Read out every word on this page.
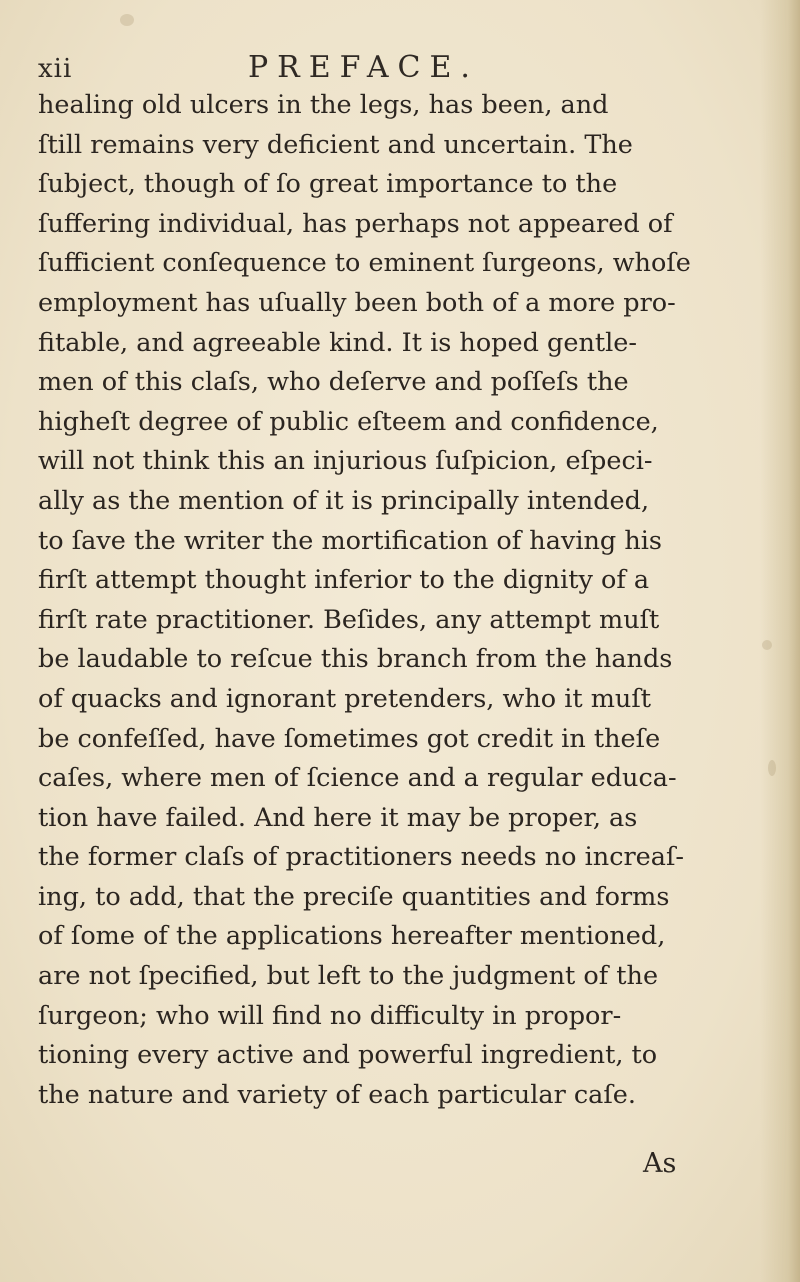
xii	PREFACE.
healing old ulcers in the legs, has been, and
ſtill remains very deficient and uncertain. The
ſubject, though of ſo great importance to the
ſuffering individual, has perhaps not appeared of
ſufficient conſequence to eminent ſurgeons, whoſe
employment has uſually been both of a more pro-
fitable, and agreeable kind. It is hoped gentle-
men of this claſs, who deſerve and poſſeſs the
higheſt degree of public eſteem and confidence,
will not think this an injurious ſuſpicion, eſpeci-
ally as the mention of it is principally intended,
to ſave the writer the mortification of having his
firſt attempt thought inferior to the dignity of a
firſt rate practitioner. Beſides, any attempt muſt
be laudable to reſcue this branch from the hands
of quacks and ignorant pretenders, who it muſt
be confeſſed, have ſometimes got credit in theſe
caſes, where men of ſcience and a regular educa-
tion have failed. And here it may be proper, as
the former claſs of practitioners needs no increaſ-
ing, to add, that the preciſe quantities and forms
of ſome of the applications hereafter mentioned,
are not ſpecified, but left to the judgment of the
ſurgeon; who will find no difficulty in propor-
tioning every active and powerful ingredient, to
the nature and variety of each particular caſe.
As
